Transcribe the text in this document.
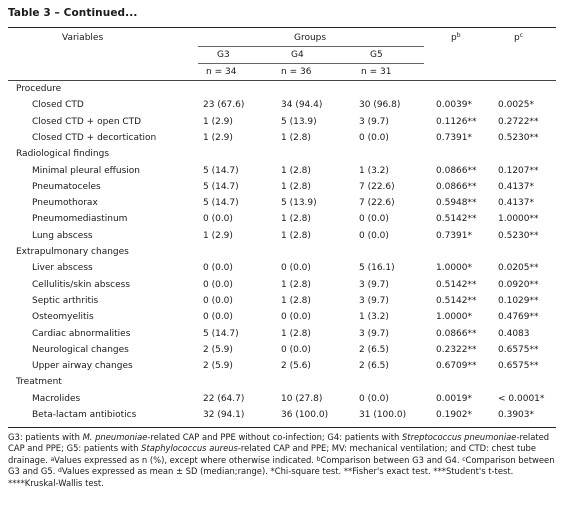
Table 3 – Continued...
Variables	Groups	$p^b$	$p^c$
G3	G4	G5
n = 34	n = 36	n = 31
Procedure
Closed CTD	23 (67.6)	34 (94.4)	30 (96.8)	0.0039*	0.0025*
Closed CTD + open CTD	1 (2.9)	5 (13.9)	3 (9.7)	0.1126** 0.2722**
Closed CTD + decortication	1 (2.9)	1 (2.8)	0 (0.0)	0.7391*	0.5230**
Radiological findings
Minimal pleural effusion	5 (14.7)	1 (2.8)	1 (3.2)	0.0866** 0.1207**
Pneumatoceles	5 (14.7)	1 (2.8)	7 (22.6)	0.0866** 0.4137*
Pneumothorax	5 (14.7)	5 (13.9)	7 (22.6)	0.5948** 0.4137*
Pneumomediastinum	0 (0.0)	1 (2.8)	0 (0.0)	0.5142** 1.0000**
Lung abscess	1 (2.9)	1 (2.8)	0 (0.0)	0.7391*	0.5230**
Extrapulmonary changes
Liver abscess	0 (0.0)	0 (0.0)	5 (16.1)	1.0000*	0.0205**
Cellulitis/skin abscess	0 (0.0)	1 (2.8)	3 (9.7)	0.5142** 0.0920**
Septic arthritis	0 (0.0)	1 (2.8)	3 (9.7)	0.5142** 0.1029**
Osteomyelitis	0 (0.0)	0 (0.0)	1 (3.2)	1.0000*	0.4769**
Cardiac abnormalities	5 (14.7)	1 (2.8)	3 (9.7)	0.0866** 0.4083
Neurological changes	2 (5.9)	0 (0.0)	2 (6.5)	0.2322** 0.6575**
Upper airway changes	2 (5.9)	2 (5.6)	2 (6.5)	0.6709** 0.6575**
Treatment
Macrolides	22 (64.7)	10 (27.8)	0 (0.0)	0.0019*	< 0.0001*
Beta-lactam antibiotics	32 (94.1)	36 (100.0)	31 (100.0)	0.1902*	0.3903*
G3: patients with M. pneumoniae-related CAP and PPE without co-infection; G4: patients with Streptococcus pneumoniae-related CAP and PPE; G5: patients with Staphylococcus aureus-related CAP and PPE; MV: mechanical ventilation; and CTD: chest tube drainage. $^a$Values expressed as n (%), except where otherwise indicated. $^b$Comparison between G3 and G4. $^c$Comparison between G3 and G5. $^d$Values expressed as mean ± SD (median;range). *Chi-square test. **Fisher's exact test. ***Student's t-test. ****Kruskal-Wallis test.
